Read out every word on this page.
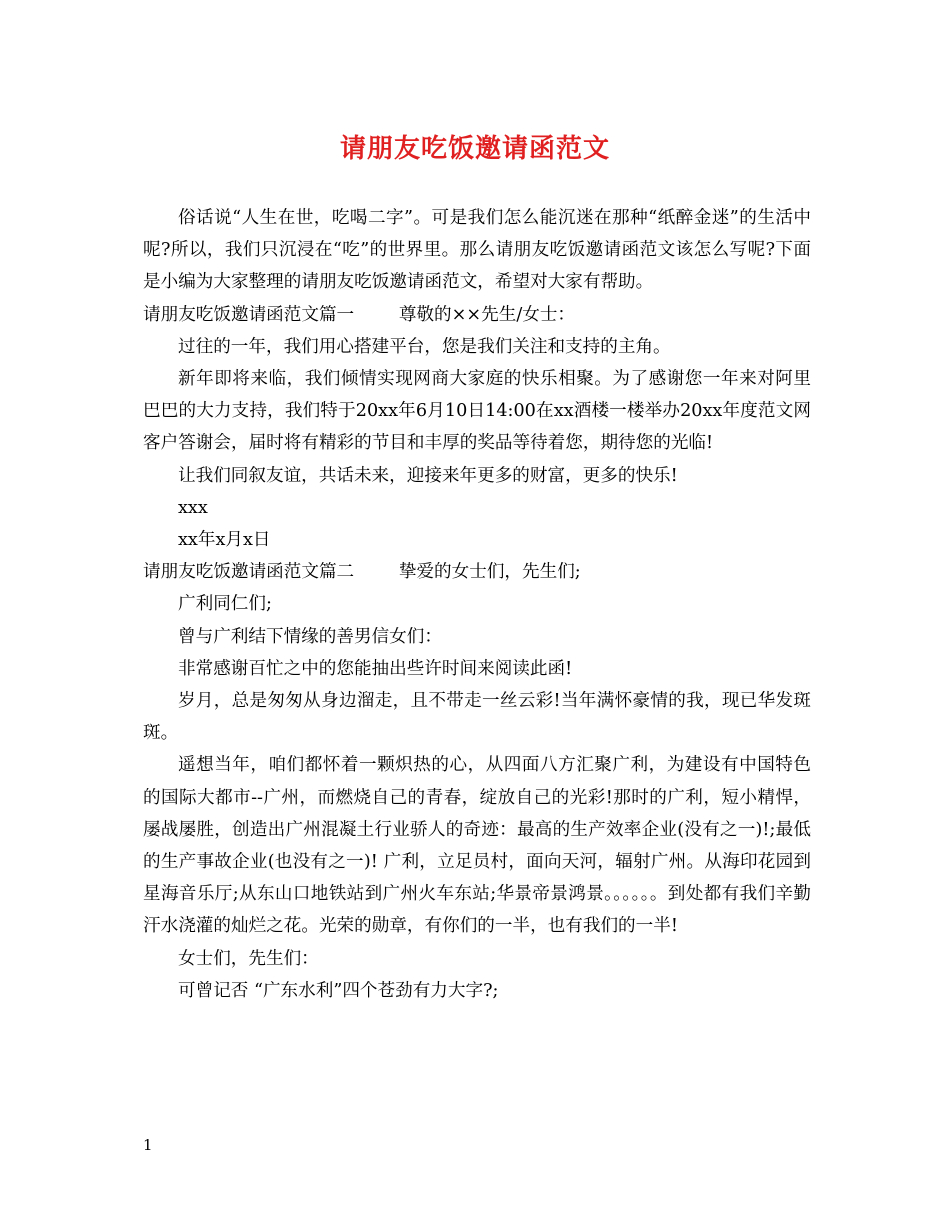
请朋友吃饭邀请函范文

俗话说“人生在世，吃喝二字”。可是我们怎么能沉迷在那种“纸醉金迷”的生活中呢?所以，我们只沉浸在“吃”的世界里。那么请朋友吃饭邀请函范文该怎么写呢?下面是小编为大家整理的请朋友吃饭邀请函范文，希望对大家有帮助。

请朋友吃饭邀请函范文篇一        尊敬的××先生/女士：

过往的一年，我们用心搭建平台，您是我们关注和支持的主角。

新年即将来临，我们倾情实现网商大家庭的快乐相聚。为了感谢您一年来对阿里巴巴的大力支持，我们特于20xx年6月10日14:00在xx酒楼一楼举办20xx年度范文网客户答谢会，届时将有精彩的节目和丰厚的奖品等待着您，期待您的光临!

让我们同叙友谊，共话未来，迎接来年更多的财富，更多的快乐!

xxx

xx年x月x日

请朋友吃饭邀请函范文篇二        挚爱的女士们，先生们;

广利同仁们;

曾与广利结下情缘的善男信女们：

非常感谢百忙之中的您能抽出些许时间来阅读此函!

岁月，总是匆匆从身边溜走，且不带走一丝云彩!当年满怀豪情的我，现已华发斑斑。

遥想当年，咱们都怀着一颗炽热的心，从四面八方汇聚广利，为建设有中国特色的国际大都市--广州，而燃烧自己的青春，绽放自己的光彩!那时的广利，短小精悍，屡战屡胜，创造出广州混凝土行业骄人的奇迹：最高的生产效率企业(没有之一)!;最低的生产事故企业(也没有之一)! 广利，立足员村，面向天河，辐射广州。从海印花园到星海音乐厅;从东山口地铁站到广州火车东站;华景帝景鸿景。。。。。。到处都有我们辛勤汗水浇灌的灿烂之花。光荣的勋章，有你们的一半，也有我们的一半!

女士们，先生们：

可曾记否 “广东水利”四个苍劲有力大字?;

1
